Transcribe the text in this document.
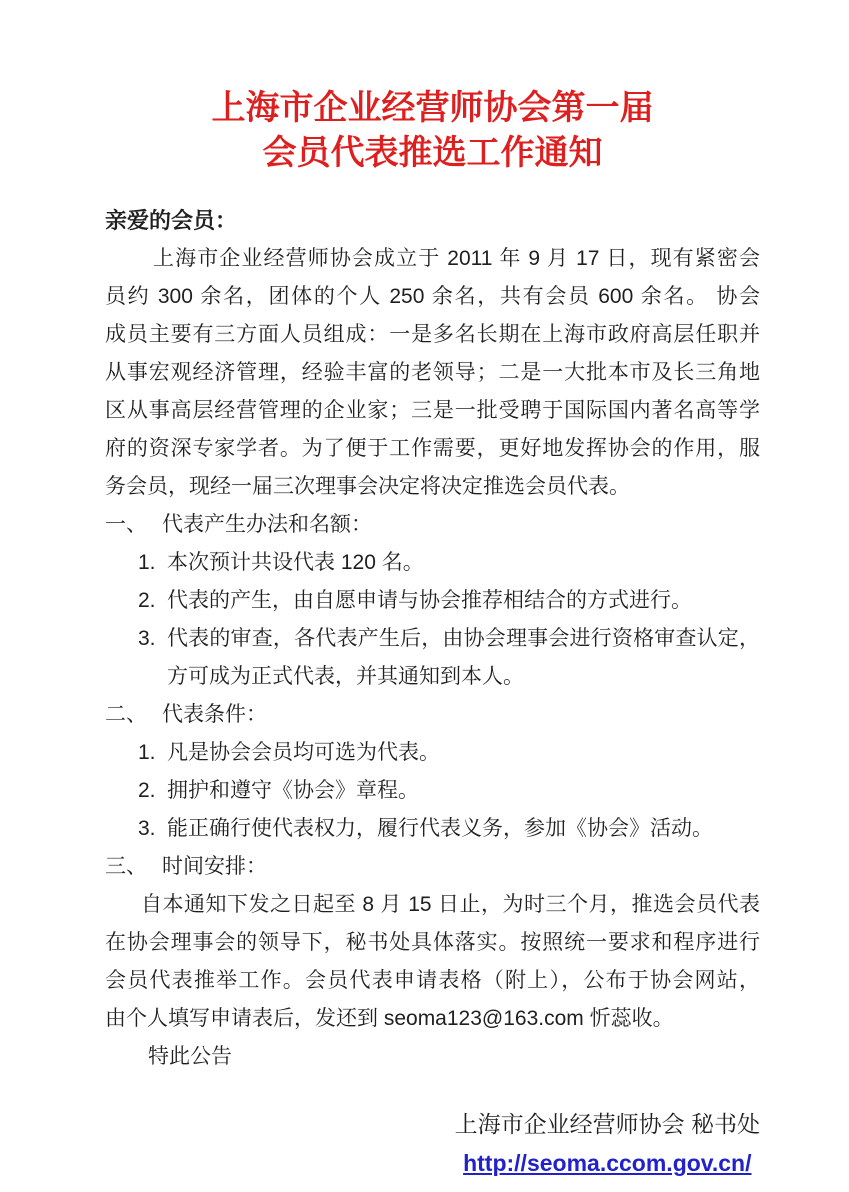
上海市企业经营师协会第一届
会员代表推选工作通知
亲爱的会员：
上海市企业经营师协会成立于 2011 年 9 月 17 日，现有紧密会
员约 300 余名，团体的个人 250 余名，共有会员 600 余名。 协会
成员主要有三方面人员组成：一是多名长期在上海市政府高层任职并
从事宏观经济管理，经验丰富的老领导；二是一大批本市及长三角地
区从事高层经营管理的企业家；三是一批受聘于国际国内著名高等学
府的资深专家学者。为了便于工作需要，更好地发挥协会的作用，服
务会员，现经一届三次理事会决定将决定推选会员代表。
一、 代表产生办法和名额：
1. 本次预计共设代表 120 名。
2. 代表的产生，由自愿申请与协会推荐相结合的方式进行。
3. 代表的审查，各代表产生后，由协会理事会进行资格审查认定，
方可成为正式代表，并其通知到本人。
二、 代表条件：
1. 凡是协会会员均可选为代表。
2. 拥护和遵守《协会》章程。
3. 能正确行使代表权力，履行代表义务，参加《协会》活动。
三、 时间安排：
自本通知下发之日起至 8 月 15 日止，为时三个月，推选会员代表
在协会理事会的领导下，秘书处具体落实。按照统一要求和程序进行
会员代表推举工作。会员代表申请表格（附上），公布于协会网站，
由个人填写申请表后，发还到 seoma123@163.com 忻蕊收。
特此公告
上海市企业经营师协会 秘书处
http://seoma.ccom.gov.cn/
